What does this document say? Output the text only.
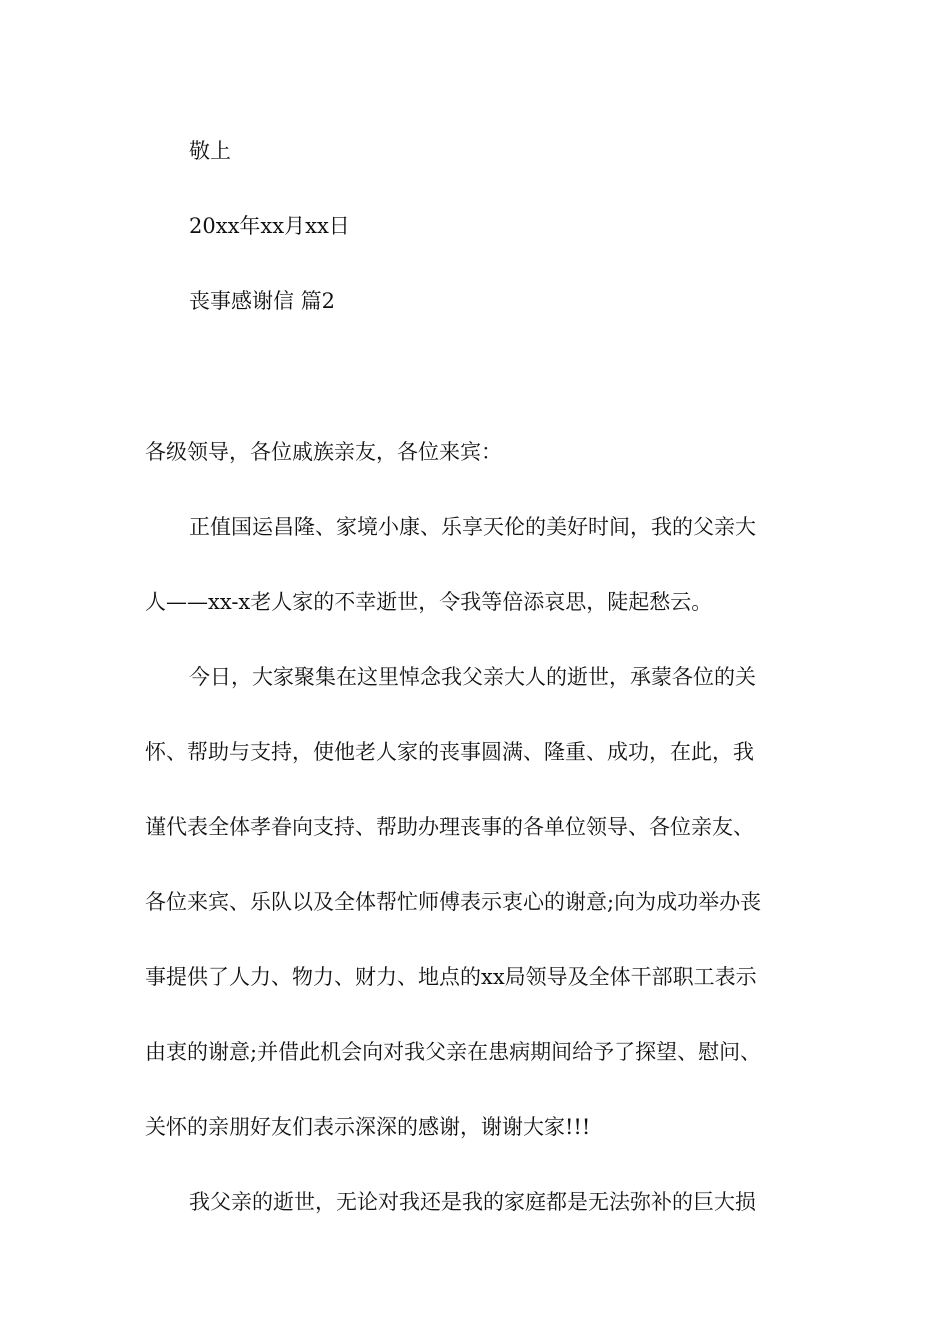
敬上
20xx年xx月xx日
丧事感谢信 篇2
各级领导，各位戚族亲友，各位来宾：
正值国运昌隆、家境小康、乐享天伦的美好时间，我的父亲大
人——xx-x老人家的不幸逝世，令我等倍添哀思，陡起愁云。
今日，大家聚集在这里悼念我父亲大人的逝世，承蒙各位的关
怀、帮助与支持，使他老人家的丧事圆满、隆重、成功，在此，我
谨代表全体孝眷向支持、帮助办理丧事的各单位领导、各位亲友、
各位来宾、乐队以及全体帮忙师傅表示衷心的谢意;向为成功举办丧
事提供了人力、物力、财力、地点的xx局领导及全体干部职工表示
由衷的谢意;并借此机会向对我父亲在患病期间给予了探望、慰问、
关怀的亲朋好友们表示深深的感谢，谢谢大家!!!
我父亲的逝世，无论对我还是我的家庭都是无法弥补的巨大损
